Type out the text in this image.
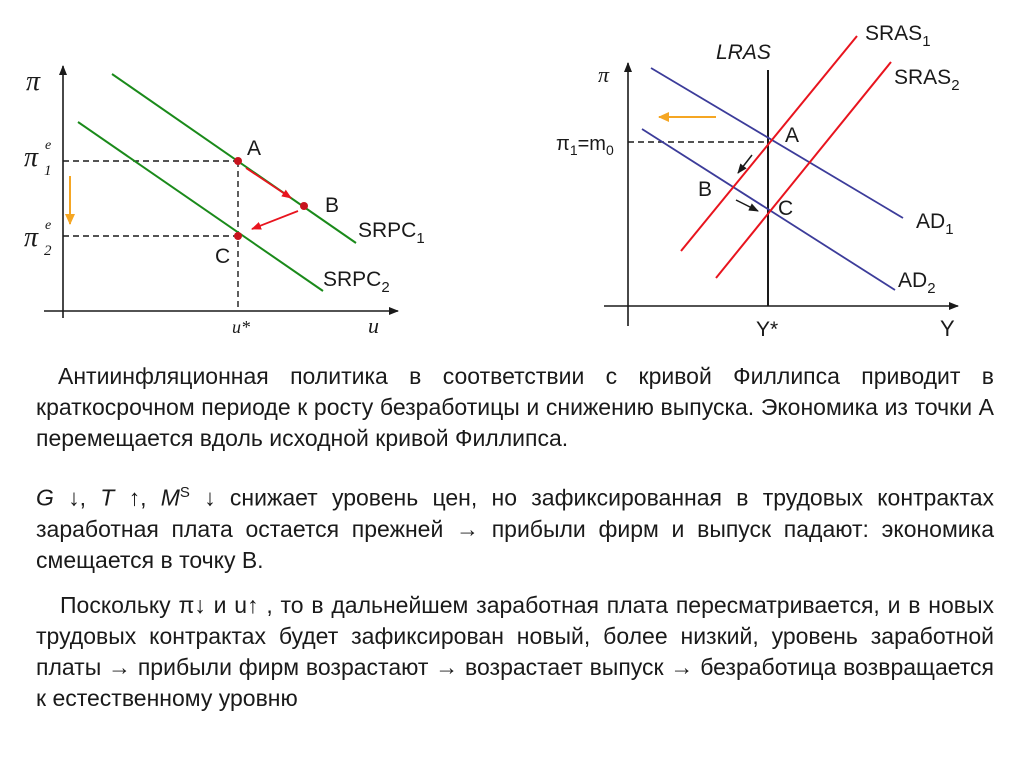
π
u
π e
1
π e
2
A
B
C
$SRPC_1$
$SRPC_2$
u*
π
Y
LRAS
$\pi_1=m_0$
$SRAS_1$
$SRAS_2$
A
B
C
$AD_1$
$AD_2$
Y*

Антиинфляционная политика в соответствии с кривой Филлипса приводит в краткосрочном периоде к росту безработицы и снижению выпуска. Экономика из точки А перемещается вдоль исходной кривой Филлипса.

G ↓, T ↑, $M^S$ ↓ снижает уровень цен, но зафиксированная в трудовых контрактах заработная плата остается прежней → прибыли фирм и выпуск падают: экономика смещается в точку В.

Поскольку π↓ и u↑ , то в дальнейшем заработная плата пересматривается, и в новых трудовых контрактах будет зафиксирован новый, более низкий, уровень заработной платы → прибыли фирм возрастают → возрастает выпуск → безработица возвращается к естественному уровню
